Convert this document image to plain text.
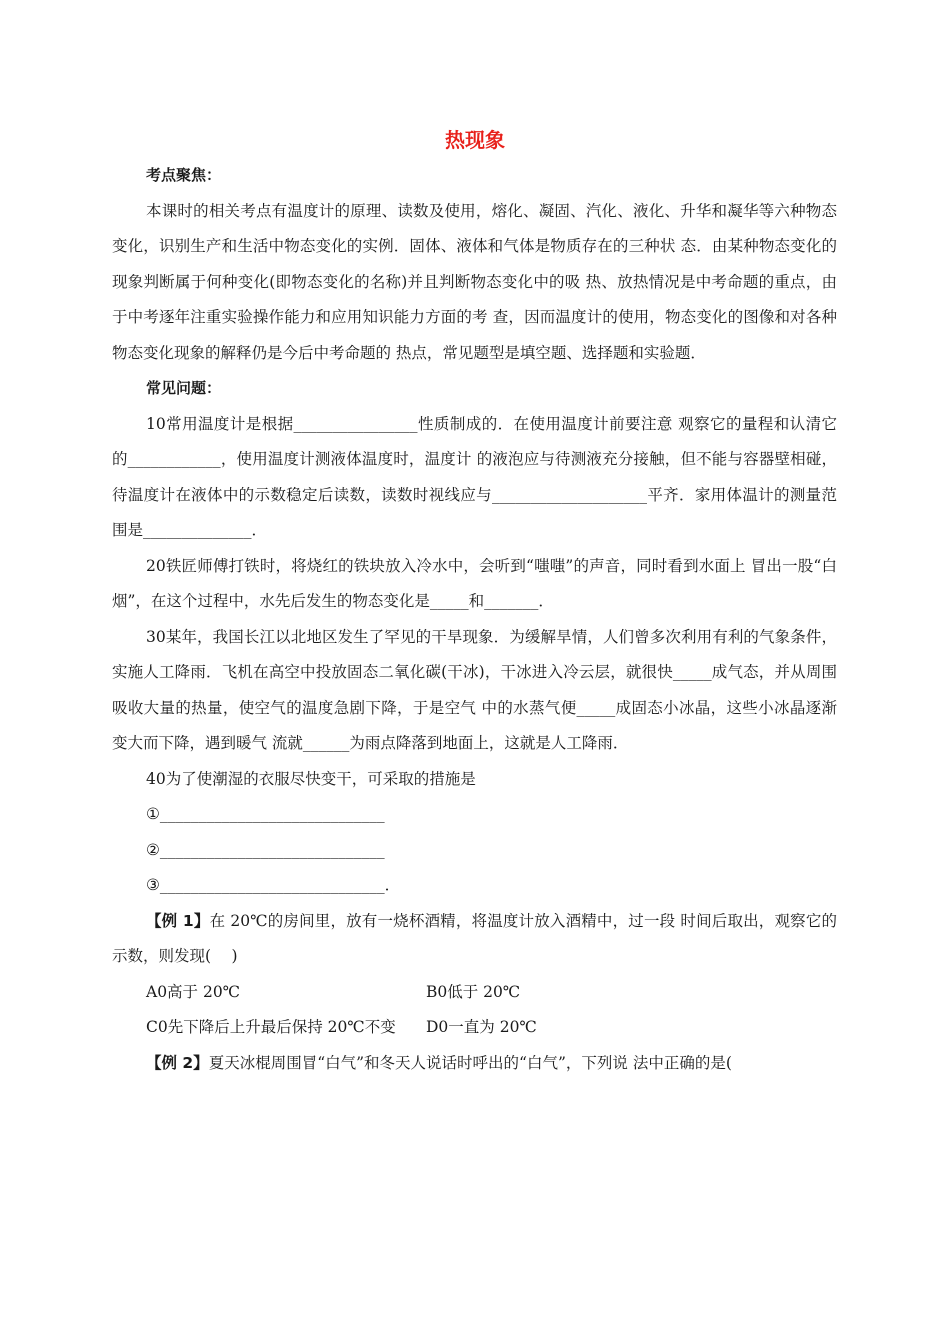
热现象

考点聚焦：

本课时的相关考点有温度计的原理、读数及使用，熔化、凝固、汽化、液化、升华和凝华等六种物态变化，识别生产和生活中物态变化的实例．固体、液体和气体是物质存在的三种状 态．由某种物态变化的现象判断属于何种变化(即物态变化的名称)并且判断物态变化中的吸 热、放热情况是中考命题的重点，由于中考逐年注重实验操作能力和应用知识能力方面的考 查，因而温度计的使用，物态变化的图像和对各种物态变化现象的解释仍是今后中考命题的 热点，常见题型是填空题、选择题和实验题．

常见问题：

10常用温度计是根据________________性质制成的．在使用温度计前要注意 观察它的量程和认清它的____________，使用温度计测液体温度时，温度计 的液泡应与待测液充分接触，但不能与容器壁相碰，待温度计在液体中的示数稳定后读数，读数时视线应与____________________平齐．家用体温计的测量范围是______________．

20铁匠师傅打铁时，将烧红的铁块放入冷水中，会听到“嗤嗤”的声音，同时看到水面上 冒出一股“白烟”，在这个过程中，水先后发生的物态变化是_____和_______．

30某年，我国长江以北地区发生了罕见的干旱现象．为缓解旱情，人们曾多次利用有利的气象条件，实施人工降雨．飞机在高空中投放固态二氧化碳(干冰)，干冰进入冷云层，就很快_____成气态，并从周围吸收大量的热量，使空气的温度急剧下降，于是空气 中的水蒸气便_____成固态小冰晶，这些小冰晶逐渐变大而下降，遇到暖气 流就______为雨点降落到地面上，这就是人工降雨．

40为了使潮湿的衣服尽快变干，可采取的措施是

①_____________________________

②_____________________________

③_____________________________．

【例 1】在 20℃的房间里，放有一烧杯酒精，将温度计放入酒精中，过一段 时间后取出，观察它的示数，则发现(　 )

A0高于 20℃	B0低于 20℃
C0先下降后上升最后保持 20℃不变	D0一直为 20℃

【例 2】夏天冰棍周围冒“白气”和冬天人说话时呼出的“白气”，下列说 法中正确的是(
